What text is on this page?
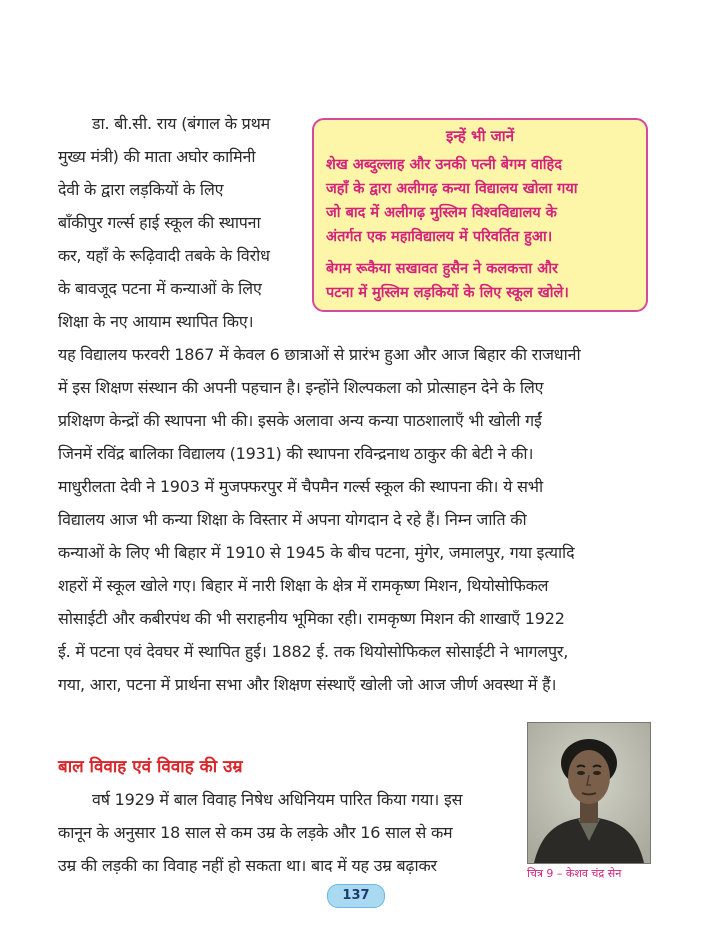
डा. बी.सी. राय (बंगाल के प्रथम
मुख्य मंत्री) की माता अघोर कामिनी
देवी के द्वारा लड़कियों के लिए
बाँकीपुर गर्ल्स हाई स्कूल की स्थापना
कर, यहाँ के रूढ़िवादी तबके के विरोध
के बावजूद पटना में कन्याओं के लिए
शिक्षा के नए आयाम स्थापित किए।
इन्हें भी जानें
शेख अब्दुल्लाह और उनकी पत्नी बेगम वाहिद
जहाँ के द्वारा अलीगढ़ कन्या विद्यालय खोला गया
जो बाद में अलीगढ़ मुस्लिम विश्वविद्यालय के
अंतर्गत एक महाविद्यालय में परिवर्तित हुआ।
बेगम रूकैया सखावत हुसैन ने कलकत्ता और
पटना में मुस्लिम लड़कियों के लिए स्कूल खोले।
यह विद्यालय फरवरी 1867 में केवल 6 छात्राओं से प्रारंभ हुआ और आज बिहार की राजधानी
में इस शिक्षण संस्थान की अपनी पहचान है। इन्होंने शिल्पकला को प्रोत्साहन देने के लिए
प्रशिक्षण केन्द्रों की स्थापना भी की। इसके अलावा अन्य कन्या पाठशालाएँ भी खोली गईं
जिनमें रविंद्र बालिका विद्यालय (1931) की स्थापना रविन्द्रनाथ ठाकुर की बेटी ने की।
माधुरीलता देवी ने 1903 में मुजफ्फरपुर में चैपमैन गर्ल्स स्कूल की स्थापना की। ये सभी
विद्यालय आज भी कन्या शिक्षा के विस्तार में अपना योगदान दे रहे हैं। निम्न जाति की
कन्याओं के लिए भी बिहार में 1910 से 1945 के बीच पटना, मुंगेर, जमालपुर, गया इत्यादि
शहरों में स्कूल खोले गए। बिहार में नारी शिक्षा के क्षेत्र में रामकृष्ण मिशन, थियोसोफिकल
सोसाईटी और कबीरपंथ की भी सराहनीय भूमिका रही। रामकृष्ण मिशन की शाखाएँ 1922
ई. में पटना एवं देवघर में स्थापित हुई। 1882 ई. तक थियोसोफिकल सोसाईटी ने भागलपुर,
गया, आरा, पटना में प्रार्थना सभा और शिक्षण संस्थाएँ खोली जो आज जीर्ण अवस्था में हैं।
बाल विवाह एवं विवाह की उम्र
वर्ष 1929 में बाल विवाह निषेध अधिनियम पारित किया गया। इस
कानून के अनुसार 18 साल से कम उम्र के लड़के और 16 साल से कम
उम्र की लड़की का विवाह नहीं हो सकता था। बाद में यह उम्र बढ़ाकर	चित्र 9 – केशव चंद्र सेन
137
